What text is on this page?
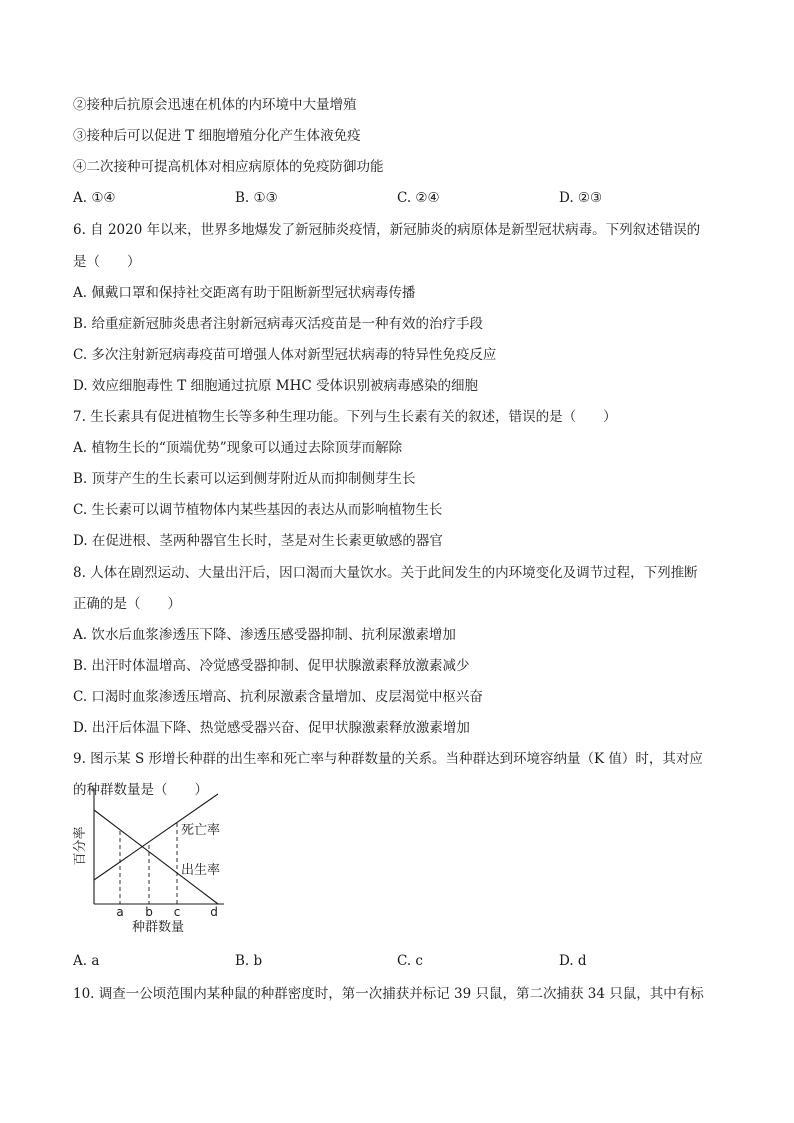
②接种后抗原会迅速在机体的内环境中大量增殖
③接种后可以促进 T 细胞增殖分化产生体液免疫
④二次接种可提高机体对相应病原体的免疫防御功能
A. ①④	B. ①③	C. ②④	D. ②③
6. 自 2020 年以来，世界多地爆发了新冠肺炎疫情，新冠肺炎的病原体是新型冠状病毒。下列叙述错误的
是（　　）
A. 佩戴口罩和保持社交距离有助于阻断新型冠状病毒传播
B. 给重症新冠肺炎患者注射新冠病毒灭活疫苗是一种有效的治疗手段
C. 多次注射新冠病毒疫苗可增强人体对新型冠状病毒的特异性免疫反应
D. 效应细胞毒性 T 细胞通过抗原 MHC 受体识别被病毒感染的细胞
7. 生长素具有促进植物生长等多种生理功能。下列与生长素有关的叙述，错误的是（　　）
A. 植物生长的“顶端优势”现象可以通过去除顶芽而解除
B. 顶芽产生的生长素可以运到侧芽附近从而抑制侧芽生长
C. 生长素可以调节植物体内某些基因的表达从而影响植物生长
D. 在促进根、茎两种器官生长时，茎是对生长素更敏感的器官
8. 人体在剧烈运动、大量出汗后，因口渴而大量饮水。关于此间发生的内环境变化及调节过程，下列推断
正确的是（　　）
A. 饮水后血浆渗透压下降、渗透压感受器抑制、抗利尿激素增加
B. 出汗时体温增高、冷觉感受器抑制、促甲状腺激素释放激素减少
C. 口渴时血浆渗透压增高、抗利尿激素含量增加、皮层渴觉中枢兴奋
D. 出汗后体温下降、热觉感受器兴奋、促甲状腺激素释放激素增加
9. 图示某 S 形增长种群的出生率和死亡率与种群数量的关系。当种群达到环境容纳量（K 值）时，其对应
的种群数量是（　　）
a b c d
死亡率
出生率
百分率
种群数量
A. a	B. b	C. c	D. d
10. 调查一公顷范围内某种鼠的种群密度时，第一次捕获并标记 39 只鼠，第二次捕获 34 只鼠，其中有标
